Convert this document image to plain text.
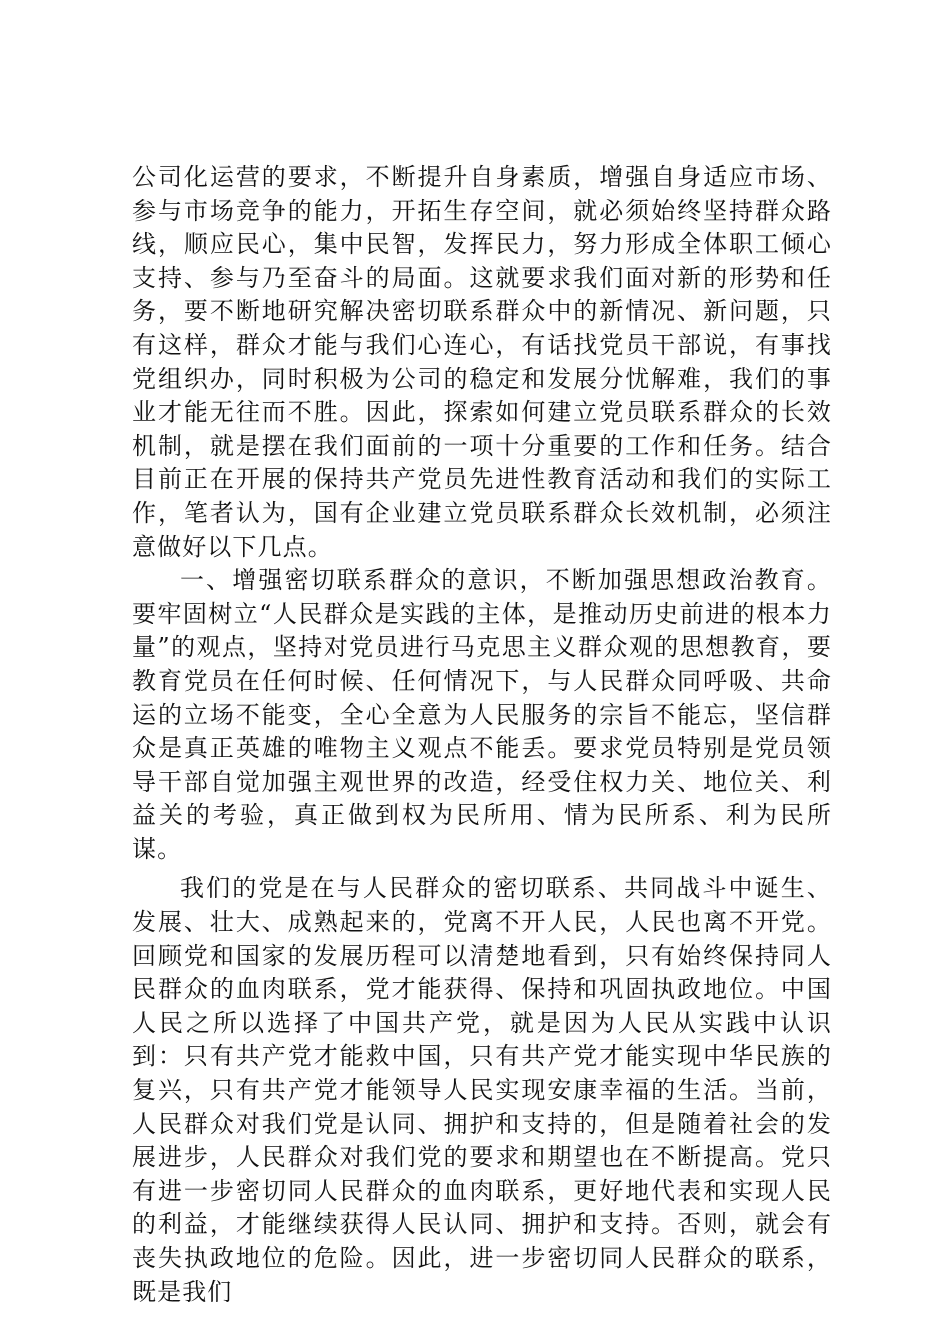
公司化运营的要求，不断提升自身素质，增强自身适应市场、参与市场竞争的能力，开拓生存空间，就必须始终坚持群众路线，顺应民心，集中民智，发挥民力，努力形成全体职工倾心支持、参与乃至奋斗的局面。这就要求我们面对新的形势和任务，要不断地研究解决密切联系群众中的新情况、新问题，只有这样，群众才能与我们心连心，有话找党员干部说，有事找党组织办，同时积极为公司的稳定和发展分忧解难，我们的事业才能无往而不胜。因此，探索如何建立党员联系群众的长效机制，就是摆在我们面前的一项十分重要的工作和任务。结合目前正在开展的保持共产党员先进性教育活动和我们的实际工作，笔者认为，国有企业建立党员联系群众长效机制，必须注意做好以下几点。

一、增强密切联系群众的意识，不断加强思想政治教育。要牢固树立“人民群众是实践的主体，是推动历史前进的根本力量”的观点，坚持对党员进行马克思主义群众观的思想教育，要教育党员在任何时候、任何情况下，与人民群众同呼吸、共命运的立场不能变，全心全意为人民服务的宗旨不能忘，坚信群众是真正英雄的唯物主义观点不能丢。要求党员特别是党员领导干部自觉加强主观世界的改造，经受住权力关、地位关、利益关的考验，真正做到权为民所用、情为民所系、利为民所谋。

我们的党是在与人民群众的密切联系、共同战斗中诞生、发展、壮大、成熟起来的，党离不开人民，人民也离不开党。回顾党和国家的发展历程可以清楚地看到，只有始终保持同人民群众的血肉联系，党才能获得、保持和巩固执政地位。中国人民之所以选择了中国共产党，就是因为人民从实践中认识到：只有共产党才能救中国，只有共产党才能实现中华民族的复兴，只有共产党才能领导人民实现安康幸福的生活。当前，人民群众对我们党是认同、拥护和支持的，但是随着社会的发展进步，人民群众对我们党的要求和期望也在不断提高。党只有进一步密切同人民群众的血肉联系，更好地代表和实现人民的利益，才能继续获得人民认同、拥护和支持。否则，就会有丧失执政地位的危险。因此，进一步密切同人民群众的联系，既是我们
